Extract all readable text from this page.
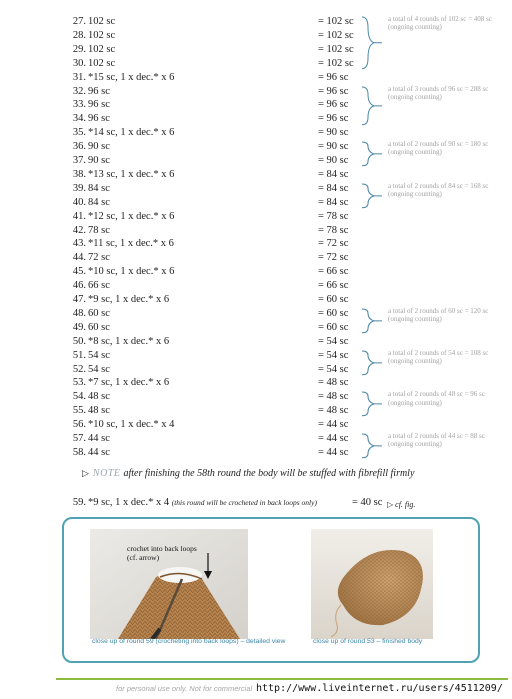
27. 102 sc	= 102 sc
28. 102 sc	= 102 sc
29. 102 sc	= 102 sc
30. 102 sc	= 102 sc
31. *15 sc, 1 x dec.* x 6	= 96 sc
32. 96 sc	= 96 sc
33. 96 sc	= 96 sc
34. 96 sc	= 96 sc
35. *14 sc, 1 x dec.* x 6	= 90 sc
36. 90 sc	= 90 sc
37. 90 sc	= 90 sc
38. *13 sc, 1 x dec.* x 6	= 84 sc
39. 84 sc	= 84 sc
40. 84 sc	= 84 sc
41. *12 sc, 1 x dec.* x 6	= 78 sc
42. 78 sc	= 78 sc
43. *11 sc, 1 x dec.* x 6	= 72 sc
44. 72 sc	= 72 sc
45. *10 sc, 1 x dec.* x 6	= 66 sc
46. 66 sc	= 66 sc
47. *9 sc, 1 x dec.* x 6	= 60 sc
48. 60 sc	= 60 sc
49. 60 sc	= 60 sc
50. *8 sc, 1 x dec.* x 6	= 54 sc
51. 54 sc	= 54 sc
52. 54 sc	= 54 sc
53. *7 sc, 1 x dec.* x 6	= 48 sc
54. 48 sc	= 48 sc
55. 48 sc	= 48 sc
56. *10 sc, 1 x dec.* x 4	= 44 sc
57. 44 sc	= 44 sc
58. 44 sc	= 44 sc
a total of 4 rounds of 102 sc = 408 sc (ongoing counting)
a total of 3 rounds of 96 sc = 288 sc (ongoing counting)
a total of 2 rounds of 90 sc = 180 sc (ongoing counting)
a total of 2 rounds of 84 sc = 168 sc (ongoing counting)
a total of 2 rounds of 60 sc = 120 sc (ongoing counting)
a total of 2 rounds of 54 sc = 108 sc (ongoing counting)
a total of 2 rounds of 48 sc = 96 sc (ongoing counting)
a total of 2 rounds of 44 sc = 88 sc (ongoing counting)
▷ NOTE after finishing the 58th round the body will be stuffed with fibrefill firmly
59. *9 sc, 1 x dec.* x 4 (this round will be crocheted in back loops only)	= 40 sc ▷ cf. fig.
crochet into back loops
(cf. arrow)
close up of round 59 (crocheting into back loops) – detailed view	close up of round 53 – finished body
for personal use only. Not for commercial http://www.liveinternet.ru/users/4511209/
